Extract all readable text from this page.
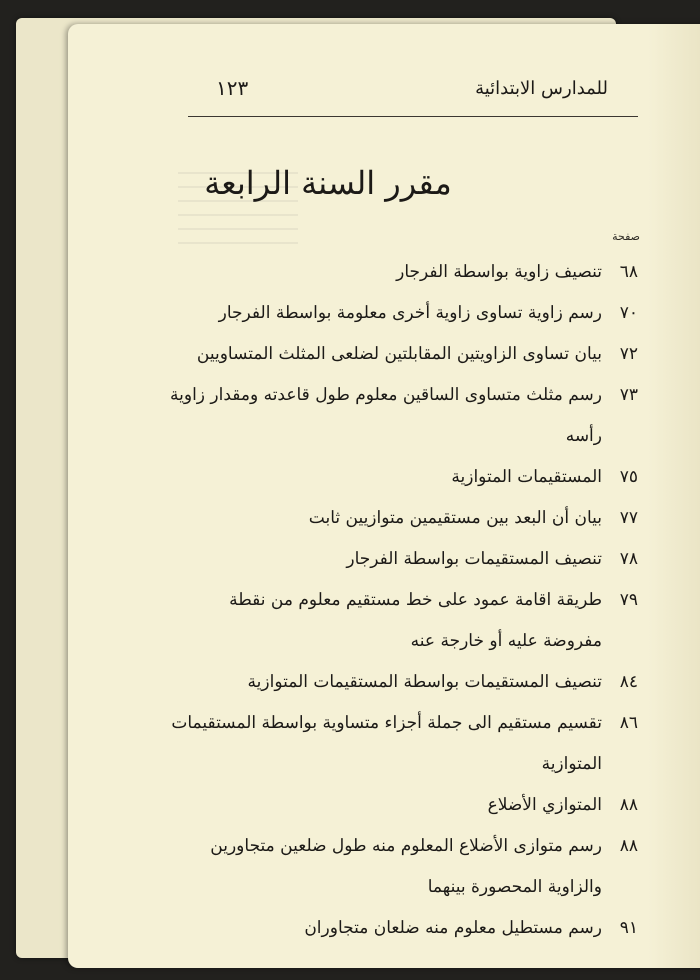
للمدارس الابتدائية
١٢٣
مقرر السنة الرابعة
صفحة
٦٨
تنصيف زاوية بواسطة الفرجار
٧٠
رسم زاوية تساوى زاوية أخرى معلومة بواسطة الفرجار
٧٢
بيان تساوى الزاويتين المقابلتين لضلعى المثلث المتساويين
٧٣
رسم مثلث متساوى الساقين معلوم طول قاعدته ومقدار زاوية رأسه
٧٥
المستقيمات المتوازية
٧٧
بيان أن البعد بين مستقيمين متوازيين ثابت
٧٨
تنصيف المستقيمات بواسطة الفرجار
٧٩
طريقة اقامة عمود على خط مستقيم معلوم من نقطة مفروضة عليه أو خارجة عنه
٨٤
تنصيف المستقيمات بواسطة المستقيمات المتوازية
٨٦
تقسيم مستقيم الى جملة أجزاء متساوية بواسطة المستقيمات المتوازية
٨٨
المتوازي الأضلاع
٨٨
رسم متوازى الأضلاع المعلوم منه طول ضلعين متجاورين والزاوية المحصورة بينهما
٩١
رسم مستطيل معلوم منه ضلعان متجاوران
